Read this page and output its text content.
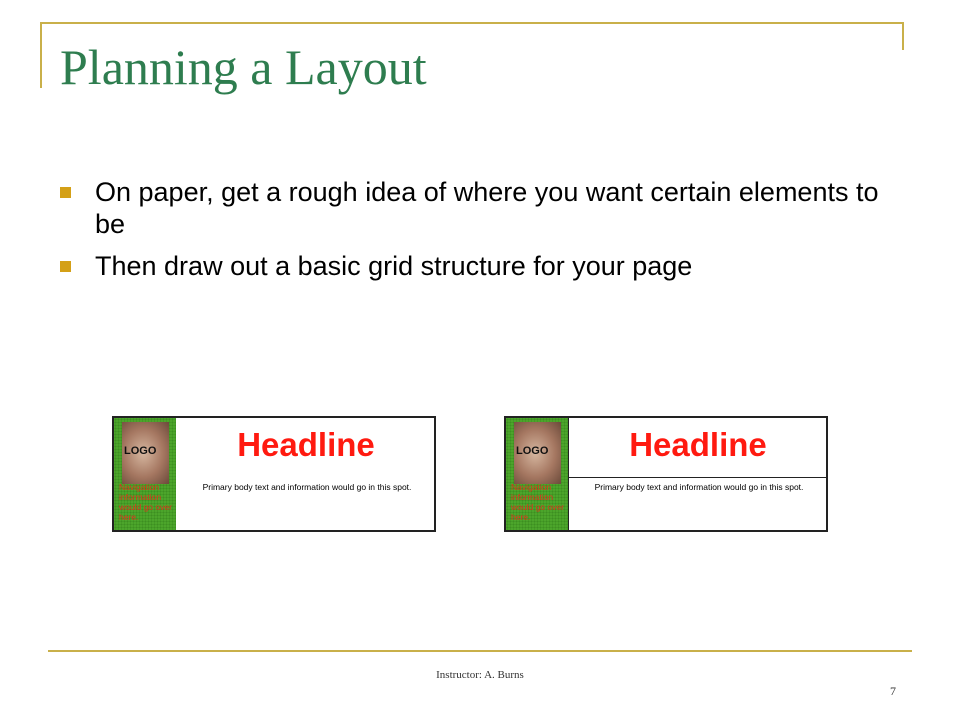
Planning a Layout
On paper, get a rough idea of where you want certain elements to be
Then draw out a basic grid structure for your page
LOGO
Navigation information would go over here.
Headline
Primary body text and information would go in this spot.
LOGO
Navigation information would go over here.
Headline
Primary body text and information would go in this spot.
Instructor: A. Burns
7
